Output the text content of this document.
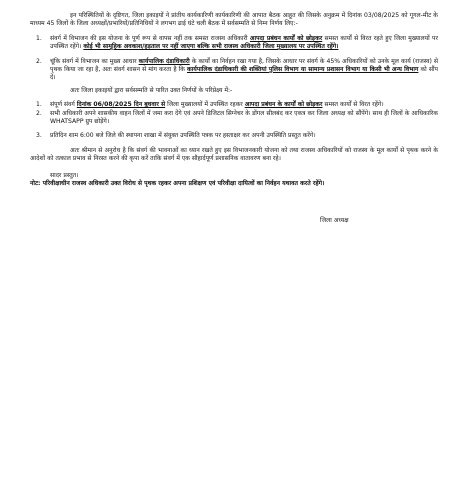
इन परिस्थितियों के दृष्टिगत, जिला इकाइयों ने प्रांतीय कार्यकारिणी कार्यकारिणी की आपात बैठक आहूत की जिसके अनुक्रम में दिनांक 03/08/2025 को गूगल-मीट के माध्यम 45 जिलों के जिला अध्यक्षों/प्रभारियों/प्रतिनिधियों ने लगभग ढाई घंटे चली बैठक में सर्वसम्मति से निम्न निर्णय लिए:-

1. संवर्ग में विभाजन की इस योजना के पूर्ण रूप से वापस नहीं तक समस्त राजस्व अधिकारी आपदा प्रबंधन कार्यों को छोड़कर समस्त कार्यों से विरत रहते हुए जिला मुख्यालयों पर उपस्थित रहेंगे। कोई भी सामूहिक अवकाश/हड़ताल पर नहीं जाएगा बल्कि सभी राजस्व अधिकारी जिला मुख्यालय पर उपस्थित रहेंगे।
2. चूंकि संवर्ग में विभाजन का मुख्य आधार कार्यपालिक दंडाधिकारी के कार्यों का निर्वहन रखा गया है, जिसके आधार पर संवर्ग के 45% अधिकारियों को उनके मूल कार्य (राजस्व) से पृथक किया जा रहा है, अतः संवर्ग शासन से मांग करता है कि कार्यपालिक दंडाधिकारी की शक्तियां पुलिस विभाग या सामान्य प्रशासन विभाग या किसी भी अन्य विभाग को सौंप दें।

अतः जिला इकाइयों द्वारा सर्वसम्मति से पारित उक्त निर्णयों के परिप्रेक्ष्य में:-

1. संपूर्ण संवर्ग दिनांक 06/08/2025 दिन बुधवार से जिला मुख्यालयों में उपस्थित रहकर आपदा प्रबंधन के कार्यों को छोड़कर समस्त कार्यों से विरत रहेंगे।
2. सभी अधिकारी अपने शासकीय वाहन जिलों में जमा करा देंगे एवं अपने डिजिटल सिग्नेचर के डोंगल सीलबंद कर एकत्र कर जिला अध्यक्ष को सौंपेंगे। साथ ही जिलों के आधिकारिक WHATSAPP ग्रुप छोड़ेंगे।
3. प्रतिदिन शाम 6:00 बजे जिले की स्थापना शाखा में संयुक्त उपस्थिति पत्रक पर हस्ताक्षर कर अपनी उपस्थिति प्रस्तुत करेंगे।

अतः श्रीमान से अनुरोध है कि संवर्ग की भावनाओं का ध्यान रखते हुए इस विभाजनकारी योजना को तथा राजस्व अधिकारियों को राजस्व के मूल कार्यों से पृथक करने के आदेशों को तत्काल प्रभाव से निरस्त करने की कृपा करें ताकि संवर्ग में एक सौहार्दपूर्ण प्रशासनिक वातावरण बना रहे।

सादर प्रस्तुत।

नोट: परिवीक्षाधीन राजस्व अधिकारी उक्त विरोध से पृथक रहकर अपना प्रशिक्षण एवं परिवीक्षा दायित्वों का निर्वहन यथावत करते रहेंगे।

जिला अध्यक्ष
